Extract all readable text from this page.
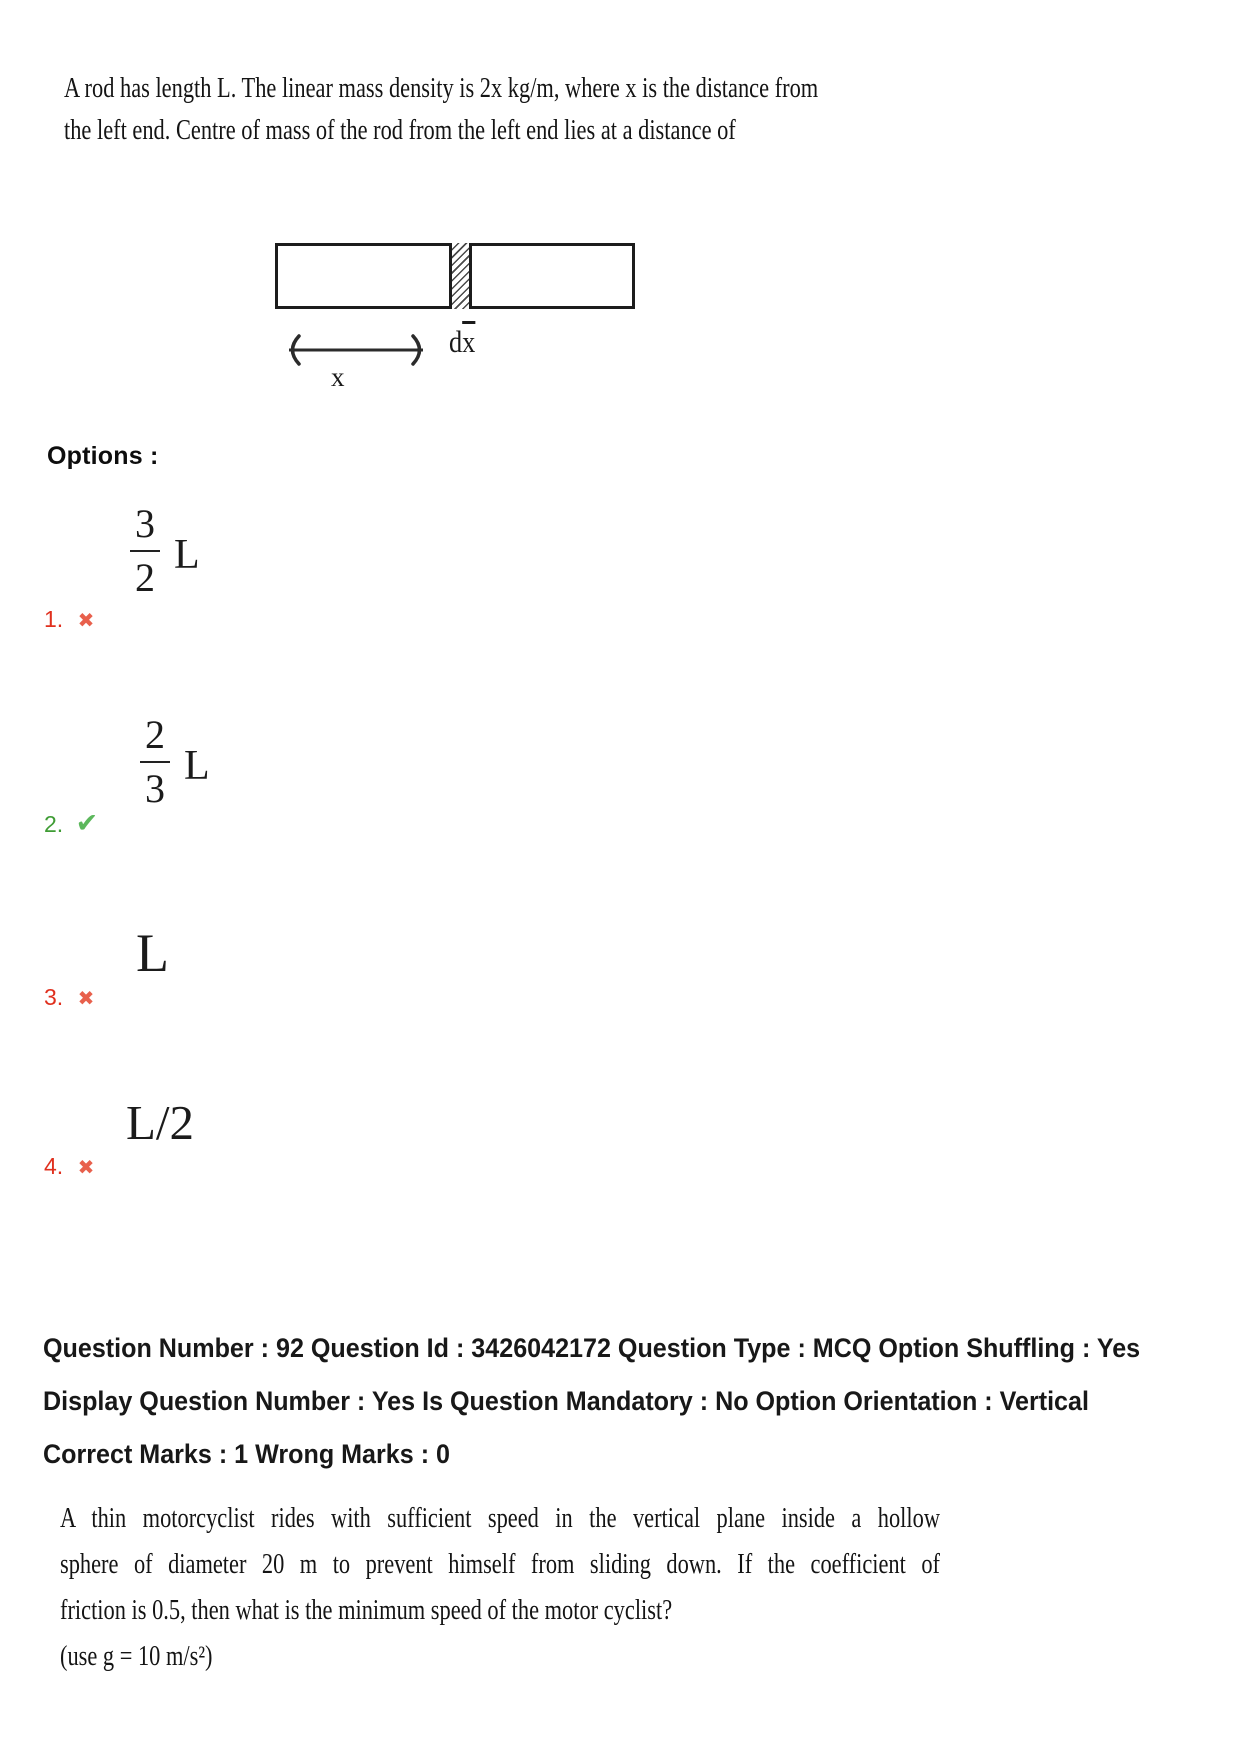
A rod has length L. The linear mass density is 2x kg/m, where x is the distance from
the left end. Centre of mass of the rod from the left end lies at a distance of
$d\overline{x}$
x
Options :
$\frac{3}{2}$ L
1. ✖
$\frac{2}{3}$ L
2. ✔
L
3. ✖
L/2
4. ✖
Question Number : 92 Question Id : 3426042172 Question Type : MCQ Option Shuffling : Yes
Display Question Number : Yes Is Question Mandatory : No Option Orientation : Vertical
Correct Marks : 1 Wrong Marks : 0
A thin motorcyclist rides with sufficient speed in the vertical plane inside a hollow
sphere of diameter 20 m to prevent himself from sliding down. If the coefficient of
friction is 0.5, then what is the minimum speed of the motor cyclist?
(use g = 10 m/s²)
